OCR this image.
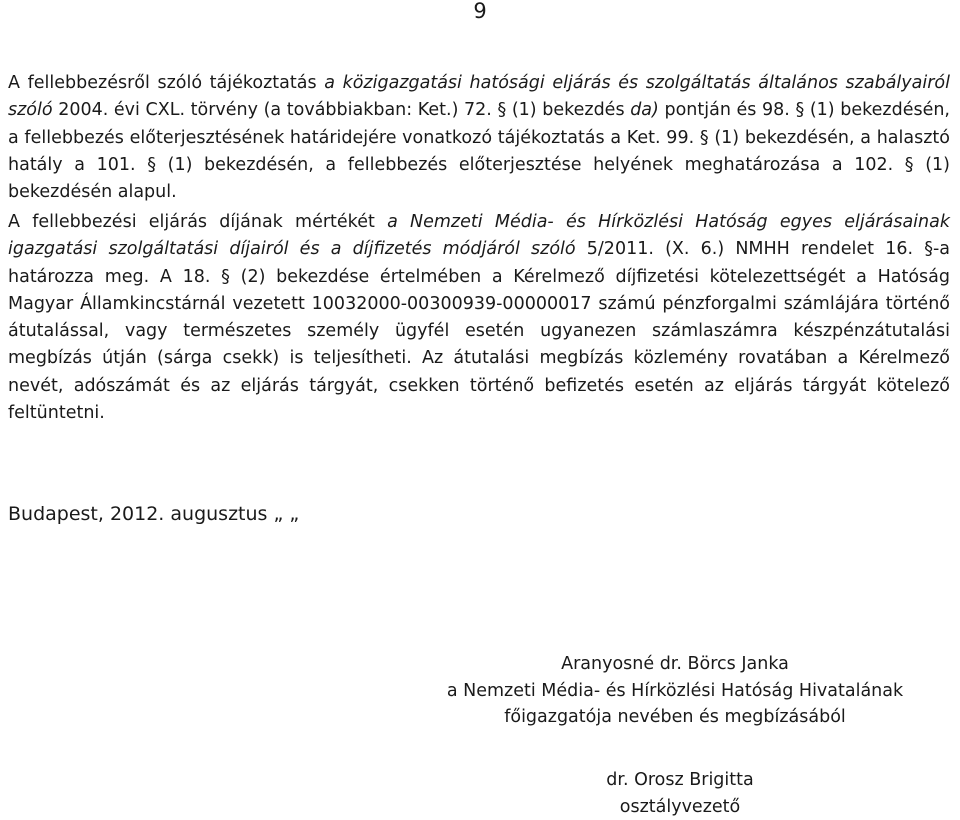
9

A fellebbezésről szóló tájékoztatás a közigazgatási hatósági eljárás és szolgáltatás általános szabályairól szóló 2004. évi CXL. törvény (a továbbiakban: Ket.) 72. § (1) bekezdés da) pontján és 98. § (1) bekezdésén, a fellebbezés előterjesztésének határidejére vonatkozó tájékoztatás a Ket. 99. § (1) bekezdésén, a halasztó hatály a 101. § (1) bekezdésén, a fellebbezés előterjesztése helyének meghatározása a 102. § (1) bekezdésén alapul.

A fellebbezési eljárás díjának mértékét a Nemzeti Média- és Hírközlési Hatóság egyes eljárásainak igazgatási szolgáltatási díjairól és a díjfizetés módjáról szóló 5/2011. (X. 6.) NMHH rendelet 16. §-a határozza meg. A 18. § (2) bekezdése értelmében a Kérelmező díjfizetési kötelezettségét a Hatóság Magyar Államkincstárnál vezetett 10032000-00300939-00000017 számú pénzforgalmi számlájára történő átutalással, vagy természetes személy ügyfél esetén ugyanezen számlaszámra készpénzátutalási megbízás útján (sárga csekk) is teljesítheti. Az átutalási megbízás közlemény rovatában a Kérelmező nevét, adószámát és az eljárás tárgyát, csekken történő befizetés esetén az eljárás tárgyát kötelező feltüntetni.

Budapest, 2012. augusztus „ „

Aranyosné dr. Börcs Janka
a Nemzeti Média- és Hírközlési Hatóság Hivatalának
főigazgatója nevében és megbízásából
dr. Orosz Brigitta
osztályvezető
